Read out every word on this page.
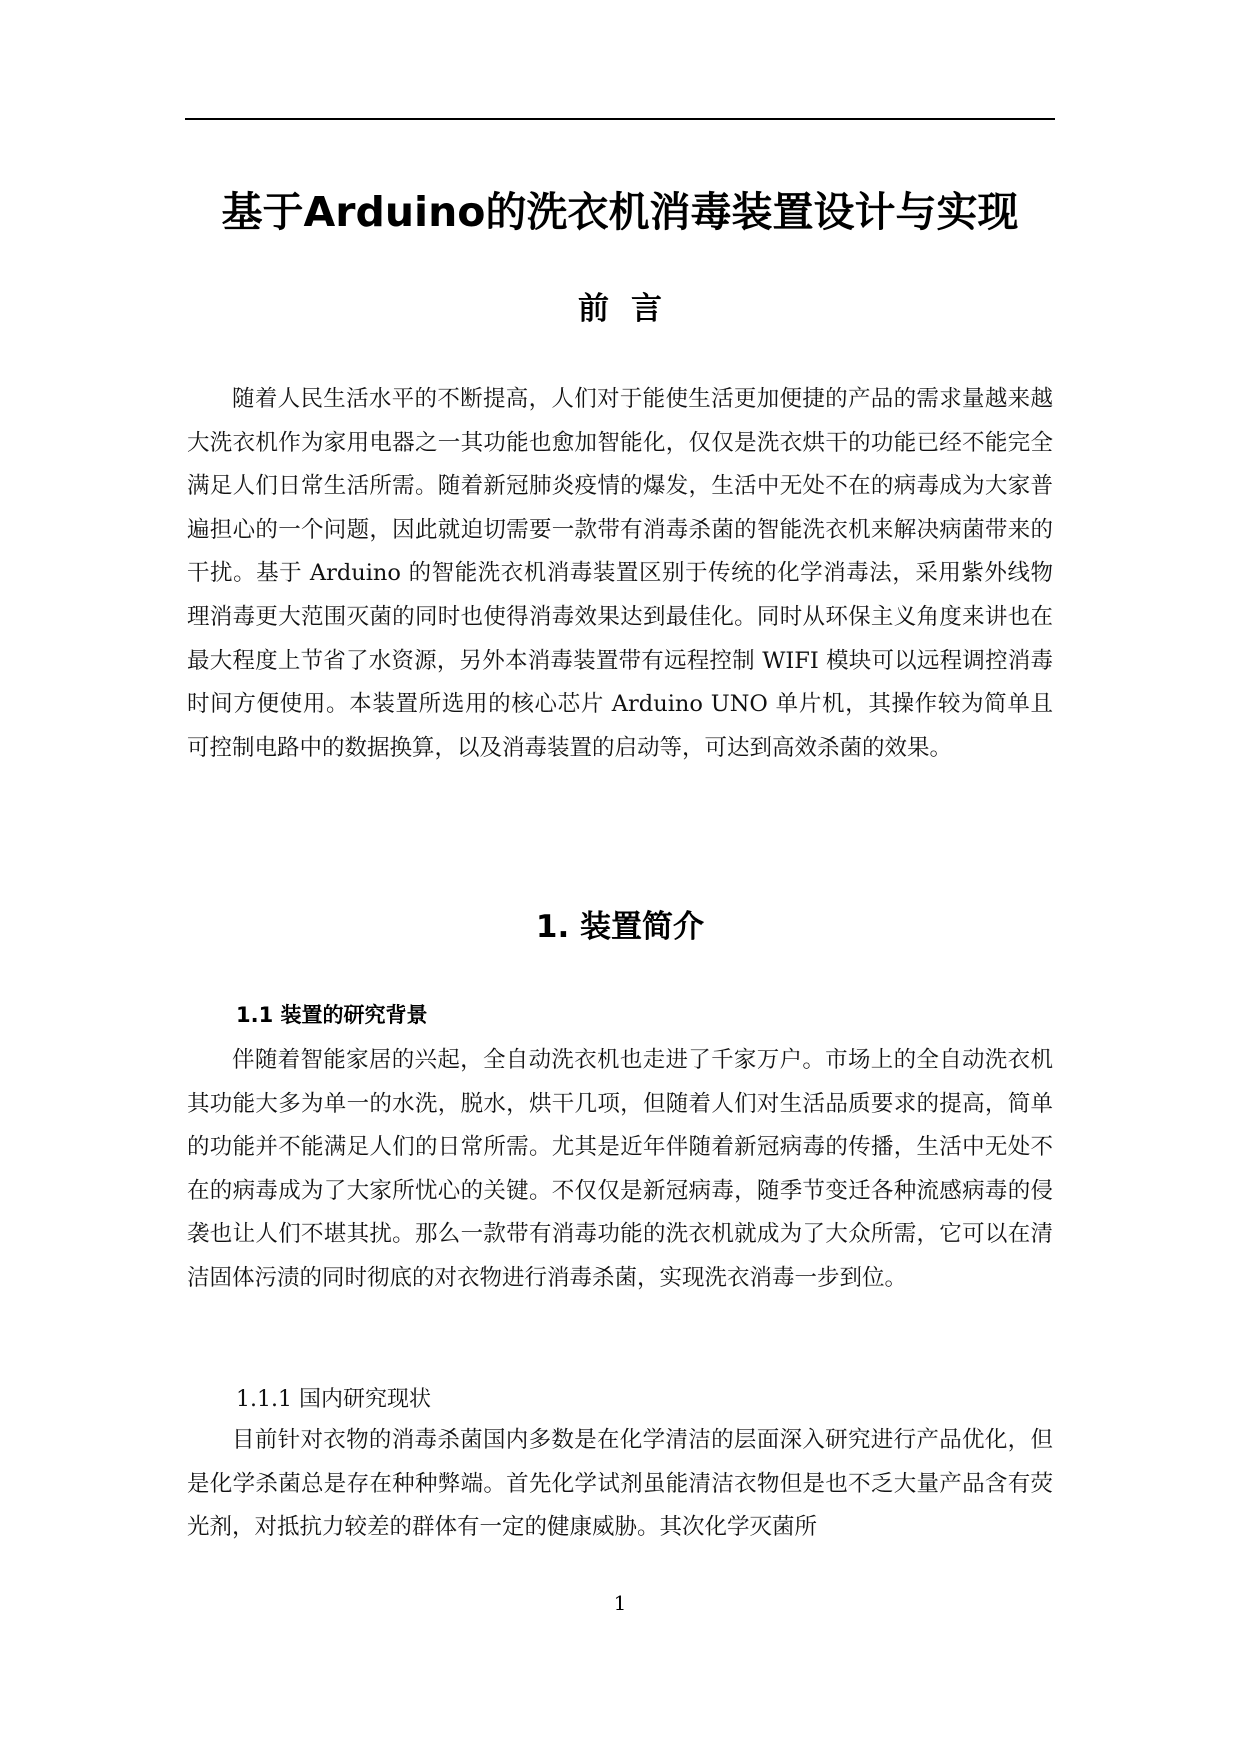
基于Arduino的洗衣机消毒装置设计与实现
前言

随着人民生活水平的不断提高，人们对于能使生活更加便捷的产品的需求量越来越大洗衣机作为家用电器之一其功能也愈加智能化，仅仅是洗衣烘干的功能已经不能完全满足人们日常生活所需。随着新冠肺炎疫情的爆发，生活中无处不在的病毒成为大家普遍担心的一个问题，因此就迫切需要一款带有消毒杀菌的智能洗衣机来解决病菌带来的干扰。基于 Arduino 的智能洗衣机消毒装置区别于传统的化学消毒法，采用紫外线物理消毒更大范围灭菌的同时也使得消毒效果达到最佳化。同时从环保主义角度来讲也在最大程度上节省了水资源，另外本消毒装置带有远程控制 WIFI 模块可以远程调控消毒时间方便使用。本装置所选用的核心芯片 Arduino UNO 单片机，其操作较为简单且可控制电路中的数据换算，以及消毒装置的启动等，可达到高效杀菌的效果。

1. 装置简介
1.1 装置的研究背景

伴随着智能家居的兴起，全自动洗衣机也走进了千家万户。市场上的全自动洗衣机其功能大多为单一的水洗，脱水，烘干几项，但随着人们对生活品质要求的提高，简单的功能并不能满足人们的日常所需。尤其是近年伴随着新冠病毒的传播，生活中无处不在的病毒成为了大家所忧心的关键。不仅仅是新冠病毒，随季节变迁各种流感病毒的侵袭也让人们不堪其扰。那么一款带有消毒功能的洗衣机就成为了大众所需，它可以在清洁固体污渍的同时彻底的对衣物进行消毒杀菌，实现洗衣消毒一步到位。

1.1.1 国内研究现状

目前针对衣物的消毒杀菌国内多数是在化学清洁的层面深入研究进行产品优化，但是化学杀菌总是存在种种弊端。首先化学试剂虽能清洁衣物但是也不乏大量产品含有荧光剂，对抵抗力较差的群体有一定的健康威胁。其次化学灭菌所

1
